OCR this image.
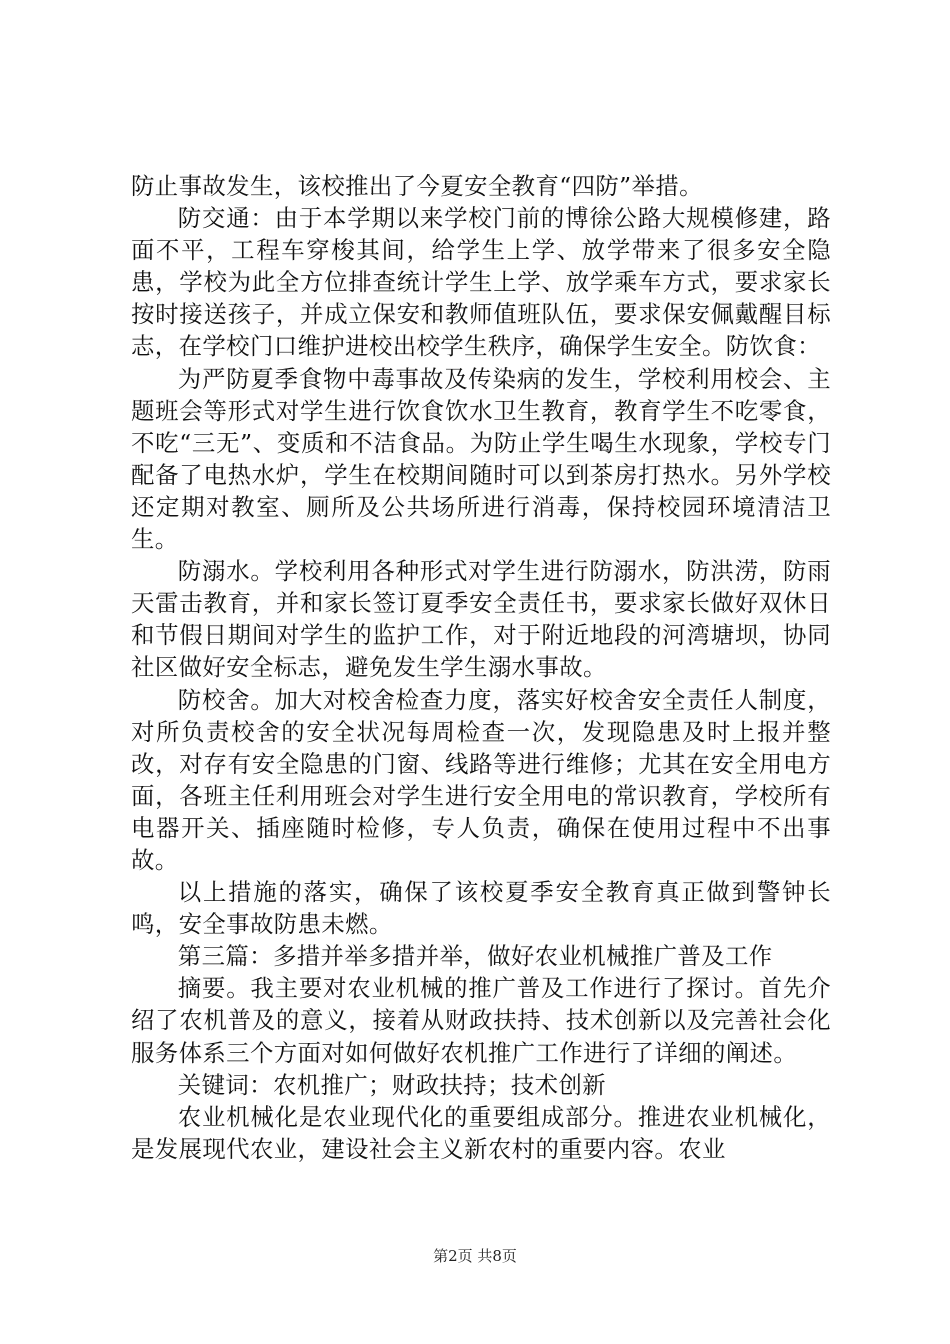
防止事故发生，该校推出了今夏安全教育“四防”举措。

防交通：由于本学期以来学校门前的博徐公路大规模修建，路面不平，工程车穿梭其间，给学生上学、放学带来了很多安全隐患，学校为此全方位排查统计学生上学、放学乘车方式，要求家长按时接送孩子，并成立保安和教师值班队伍，要求保安佩戴醒目标志，在学校门口维护进校出校学生秩序，确保学生安全。防饮食：

为严防夏季食物中毒事故及传染病的发生，学校利用校会、主题班会等形式对学生进行饮食饮水卫生教育，教育学生不吃零食，不吃“三无”、变质和不洁食品。为防止学生喝生水现象，学校专门配备了电热水炉，学生在校期间随时可以到茶房打热水。另外学校还定期对教室、厕所及公共场所进行消毒，保持校园环境清洁卫生。

防溺水。学校利用各种形式对学生进行防溺水，防洪涝，防雨天雷击教育，并和家长签订夏季安全责任书，要求家长做好双休日和节假日期间对学生的监护工作，对于附近地段的河湾塘坝，协同社区做好安全标志，避免发生学生溺水事故。

防校舍。加大对校舍检查力度，落实好校舍安全责任人制度，对所负责校舍的安全状况每周检查一次，发现隐患及时上报并整改，对存有安全隐患的门窗、线路等进行维修；尤其在安全用电方面，各班主任利用班会对学生进行安全用电的常识教育，学校所有电器开关、插座随时检修，专人负责，确保在使用过程中不出事故。

以上措施的落实，确保了该校夏季安全教育真正做到警钟长鸣，安全事故防患未燃。

第三篇：多措并举多措并举，做好农业机械推广普及工作

摘要。我主要对农业机械的推广普及工作进行了探讨。首先介绍了农机普及的意义，接着从财政扶持、技术创新以及完善社会化服务体系三个方面对如何做好农机推广工作进行了详细的阐述。

关键词：农机推广；财政扶持；技术创新

农业机械化是农业现代化的重要组成部分。推进农业机械化，是发展现代农业，建设社会主义新农村的重要内容。农业

第2页 共8页
